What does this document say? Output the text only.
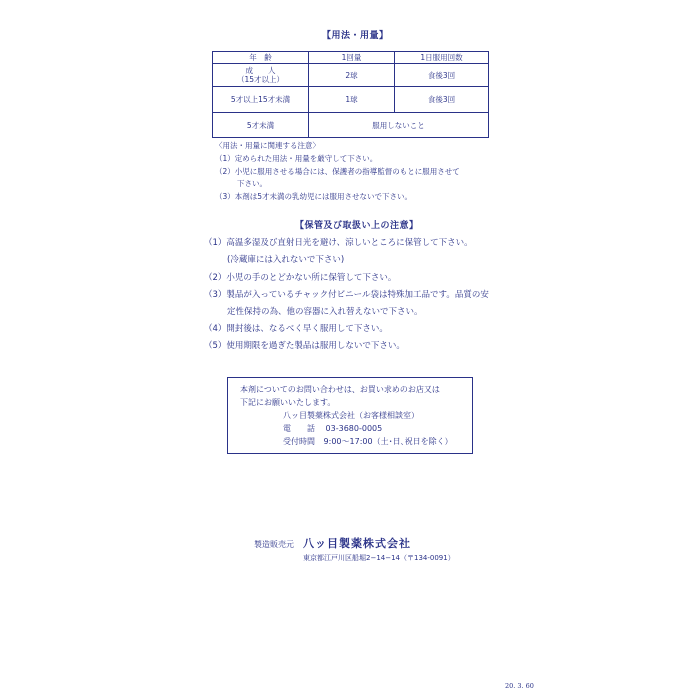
【用法・用量】
年　齢	1回量	1日服用回数

成　　人
（15才以上）	2球	食後3回
5才以上15才未満	1球	食後3回
5才未満	服用しないこと	
〈用法・用量に関連する注意〉
（1）定められた用法・用量を厳守して下さい。
（2）小児に服用させる場合には、保護者の指導監督のもとに服用させて
下さい。
（3）本剤は5才未満の乳幼児には服用させないで下さい。
【保管及び取扱い上の注意】
（1）高温多湿及び直射日光を避け、涼しいところに保管して下さい。
(冷蔵庫には入れないで下さい)
（2）小児の手のとどかない所に保管して下さい。
（3）製品が入っているチャック付ビニール袋は特殊加工品です。品質の安
定性保持の為、他の容器に入れ替えないで下さい。
（4）開封後は、なるべく早く服用して下さい。
（5）使用期限を過ぎた製品は服用しないで下さい。
本剤についてのお問い合わせは、お買い求めのお店又は
下記にお願いいたします。
八ッ目製薬株式会社（お客様相談室）
電　　話 03-3680-0005
受付時間 9:00～17:00（土･日､祝日を除く）
製造販売元 八ッ目製薬株式会社
東京都江戸川区船堀2−14−14（〒134-0091）
20. 3. 60
